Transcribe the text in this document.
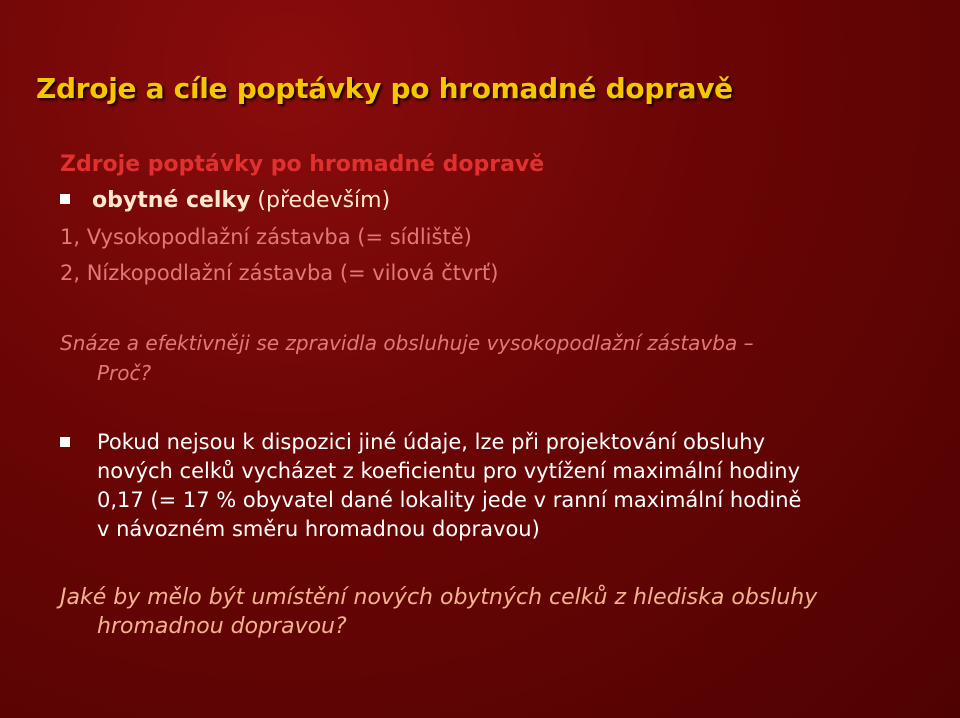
Zdroje a cíle poptávky po hromadné dopravě
Zdroje poptávky po hromadné dopravě
obytné celky (především)
1, Vysokopodlažní zástavba (= sídliště)
2, Nízkopodlažní zástavba (= vilová čtvrť)
Snáze a efektivněji se zpravidla obsluhuje vysokopodlažní zástavba –
Proč?
Pokud nejsou k dispozici jiné údaje, lze při projektování obsluhy
nových celků vycházet z koeficientu pro vytížení maximální hodiny
0,17 (= 17 % obyvatel dané lokality jede v ranní maximální hodině
v návozném směru hromadnou dopravou)
Jaké by mělo být umístění nových obytných celků z hlediska obsluhy
hromadnou dopravou?
